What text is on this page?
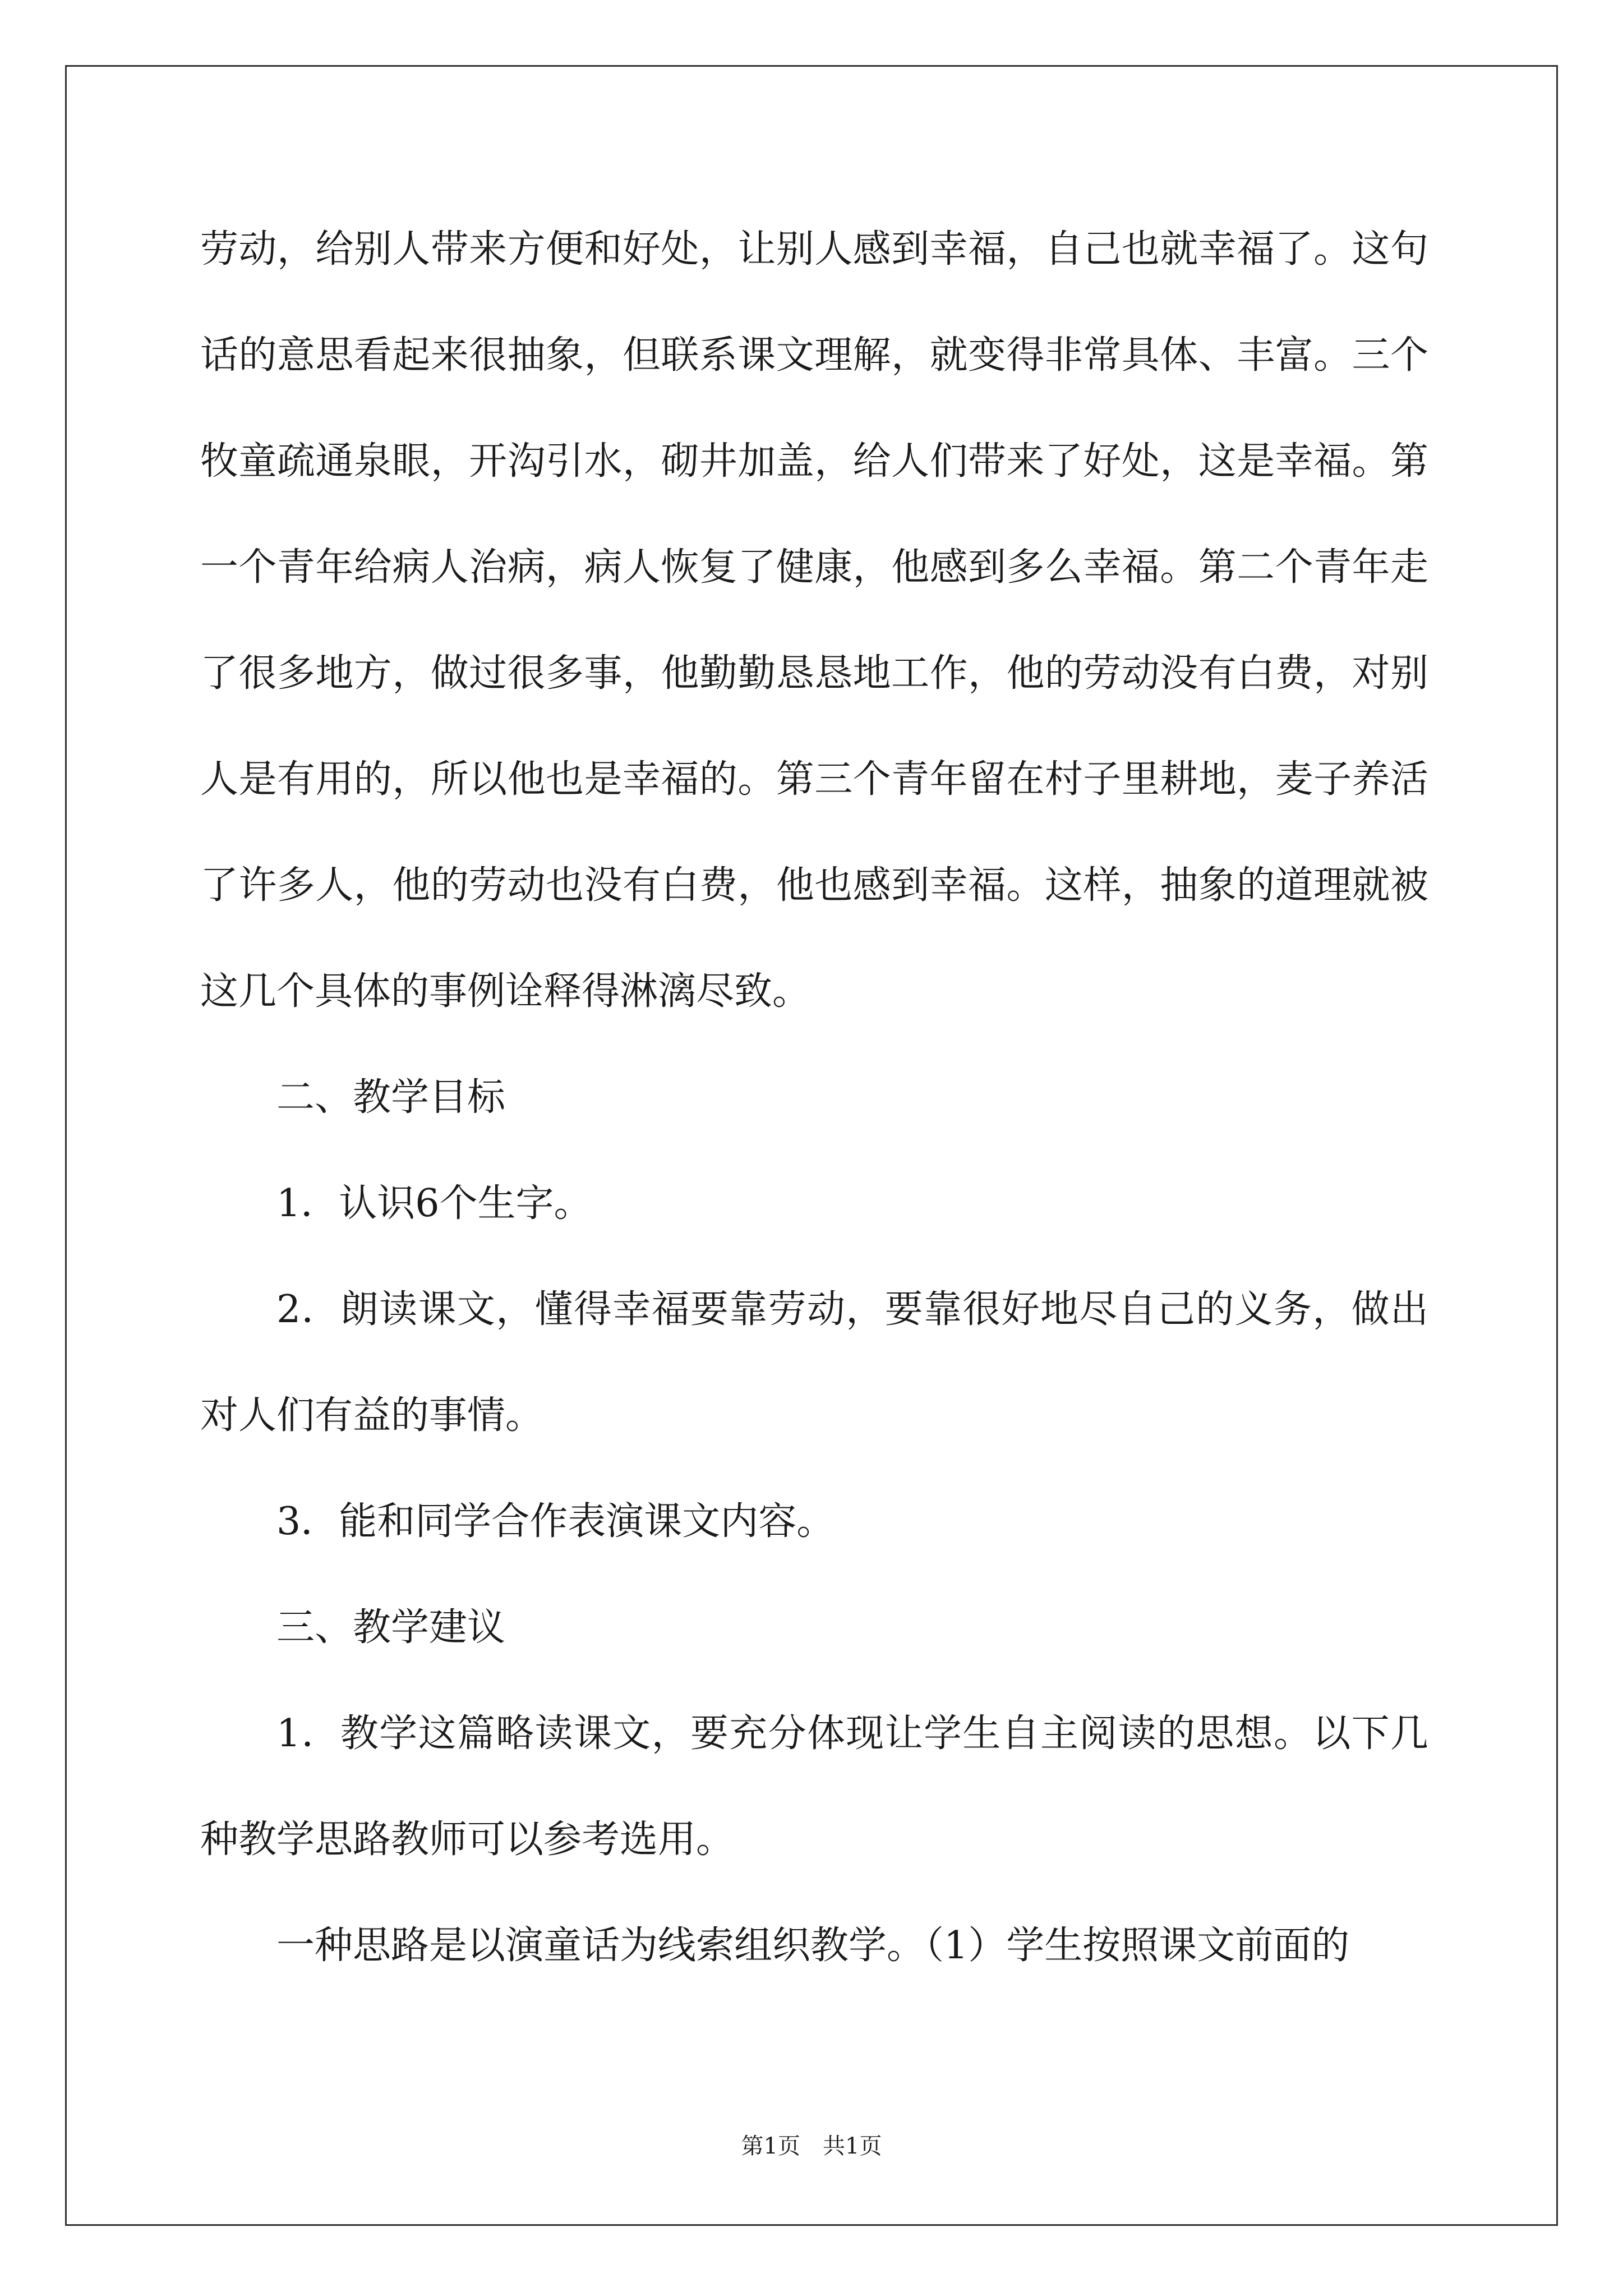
劳动，给别人带来方便和好处，让别人感到幸福，自己也就幸福了。这句话的意思看起来很抽象，但联系课文理解，就变得非常具体、丰富。三个牧童疏通泉眼，开沟引水，砌井加盖，给人们带来了好处，这是幸福。第一个青年给病人治病，病人恢复了健康，他感到多么幸福。第二个青年走了很多地方，做过很多事，他勤勤恳恳地工作，他的劳动没有白费，对别人是有用的，所以他也是幸福的。第三个青年留在村子里耕地，麦子养活了许多人，他的劳动也没有白费，他也感到幸福。这样，抽象的道理就被这几个具体的事例诠释得淋漓尽致。

二、教学目标

1．认识6个生字。

2．朗读课文，懂得幸福要靠劳动，要靠很好地尽自己的义务，做出对人们有益的事情。

3．能和同学合作表演课文内容。

三、教学建议

1．教学这篇略读课文，要充分体现让学生自主阅读的思想。以下几种教学思路教师可以参考选用。

一种思路是以演童话为线索组织教学。（1）学生按照课文前面的

第1页　共1页
